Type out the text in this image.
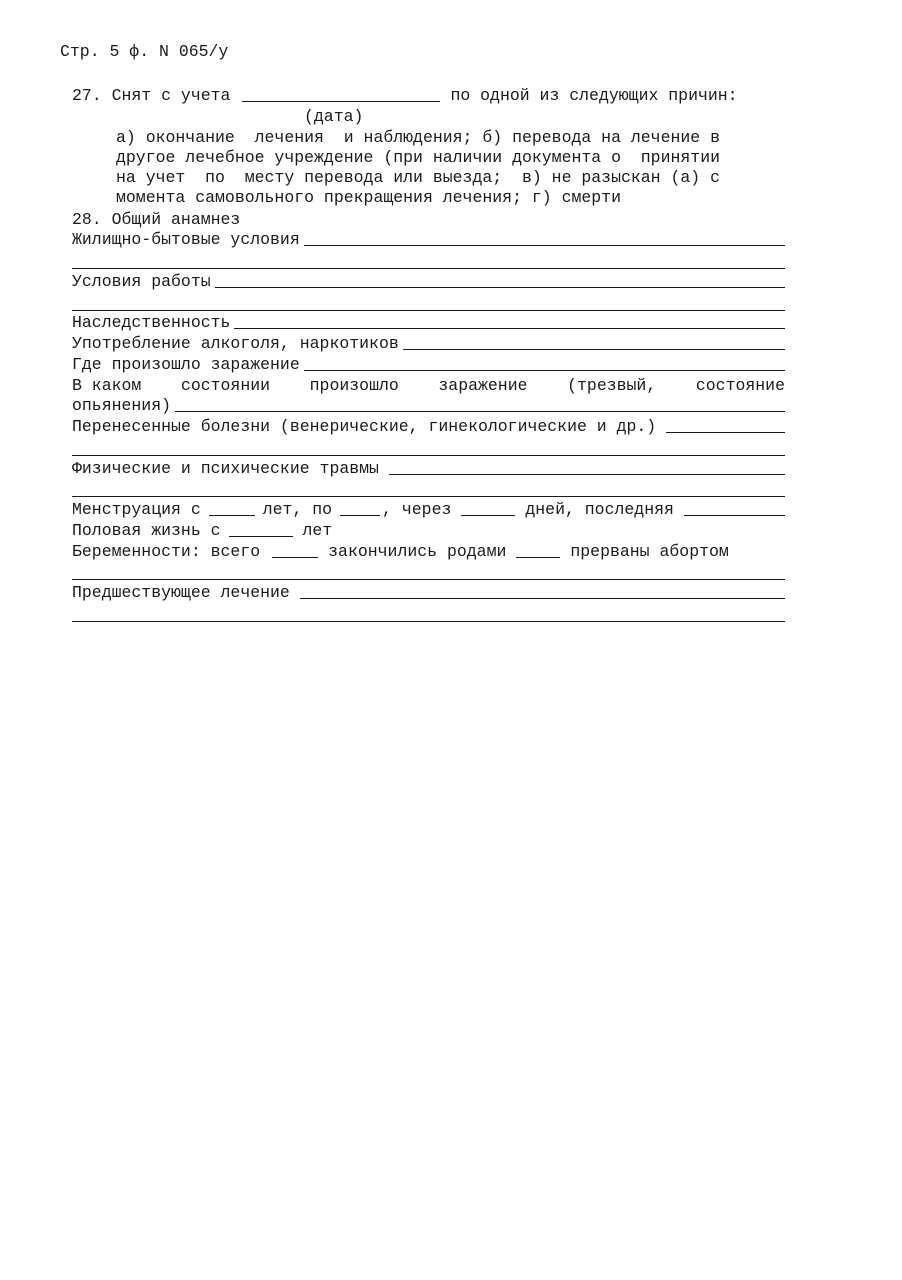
Стр. 5 ф. N 065/у
27. Снят с учета	по одной из следующих причин:
(дата)
а) окончание  лечения  и наблюдения; б) перевода на лечение в
другое лечебное учреждение (при наличии документа о  принятии
на учет  по  месту перевода или выезда;  в) не разыскан (а) с
момента самовольного прекращения лечения; г) смерти
28. Общий анамнез
Жилищно-бытовые условия
Условия работы
Наследственность
Употребление алкоголя, наркотиков
Где произошло заражение
В каком состоянии произошло заражение (трезвый, состояние
опьянения)
Перенесенные болезни (венерические, гинекологические и др.)
Физические и психические травмы
Менструация с	лет, по	, через	дней, последняя
Половая жизнь с	лет
Беременности: всего	закончились родами	прерваны абортом
Предшествующее лечение
